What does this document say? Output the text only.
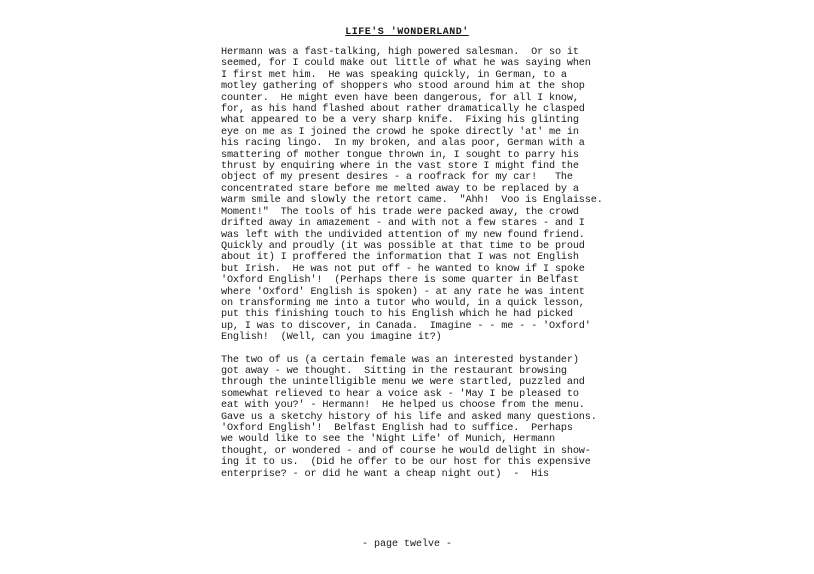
LIFE'S 'WONDERLAND'
Hermann was a fast-talking, high powered salesman.  Or so it
seemed, for I could make out little of what he was saying when
I first met him.  He was speaking quickly, in German, to a
motley gathering of shoppers who stood around him at the shop
counter.  He might even have been dangerous, for all I know,
for, as his hand flashed about rather dramatically he clasped
what appeared to be a very sharp knife.  Fixing his glinting
eye on me as I joined the crowd he spoke directly 'at' me in
his racing lingo.  In my broken, and alas poor, German with a
smattering of mother tongue thrown in, I sought to parry his
thrust by enquiring where in the vast store I might find the
object of my present desires - a roofrack for my car!   The
concentrated stare before me melted away to be replaced by a
warm smile and slowly the retort came.  "Ahh!  Voo is Englaisse.
Moment!"  The tools of his trade were packed away, the crowd
drifted away in amazement - and with not a few stares - and I
was left with the undivided attention of my new found friend.
Quickly and proudly (it was possible at that time to be proud
about it) I proffered the information that I was not English
but Irish.  He was not put off - he wanted to know if I spoke
'Oxford English'!  (Perhaps there is some quarter in Belfast
where 'Oxford' English is spoken) - at any rate he was intent
on transforming me into a tutor who would, in a quick lesson,
put this finishing touch to his English which he had picked
up, I was to discover, in Canada.  Imagine - - me - - 'Oxford'
English!  (Well, can you imagine it?)
The two of us (a certain female was an interested bystander)
got away - we thought.  Sitting in the restaurant browsing
through the unintelligible menu we were startled, puzzled and
somewhat relieved to hear a voice ask - 'May I be pleased to
eat with you?' - Hermann!  He helped us choose from the menu.
Gave us a sketchy history of his life and asked many questions.
'Oxford English'!  Belfast English had to suffice.  Perhaps
we would like to see the 'Night Life' of Munich, Hermann
thought, or wondered - and of course he would delight in show-
ing it to us.  (Did he offer to be our host for this expensive
enterprise? - or did he want a cheap night out)  -  His
- page twelve -
